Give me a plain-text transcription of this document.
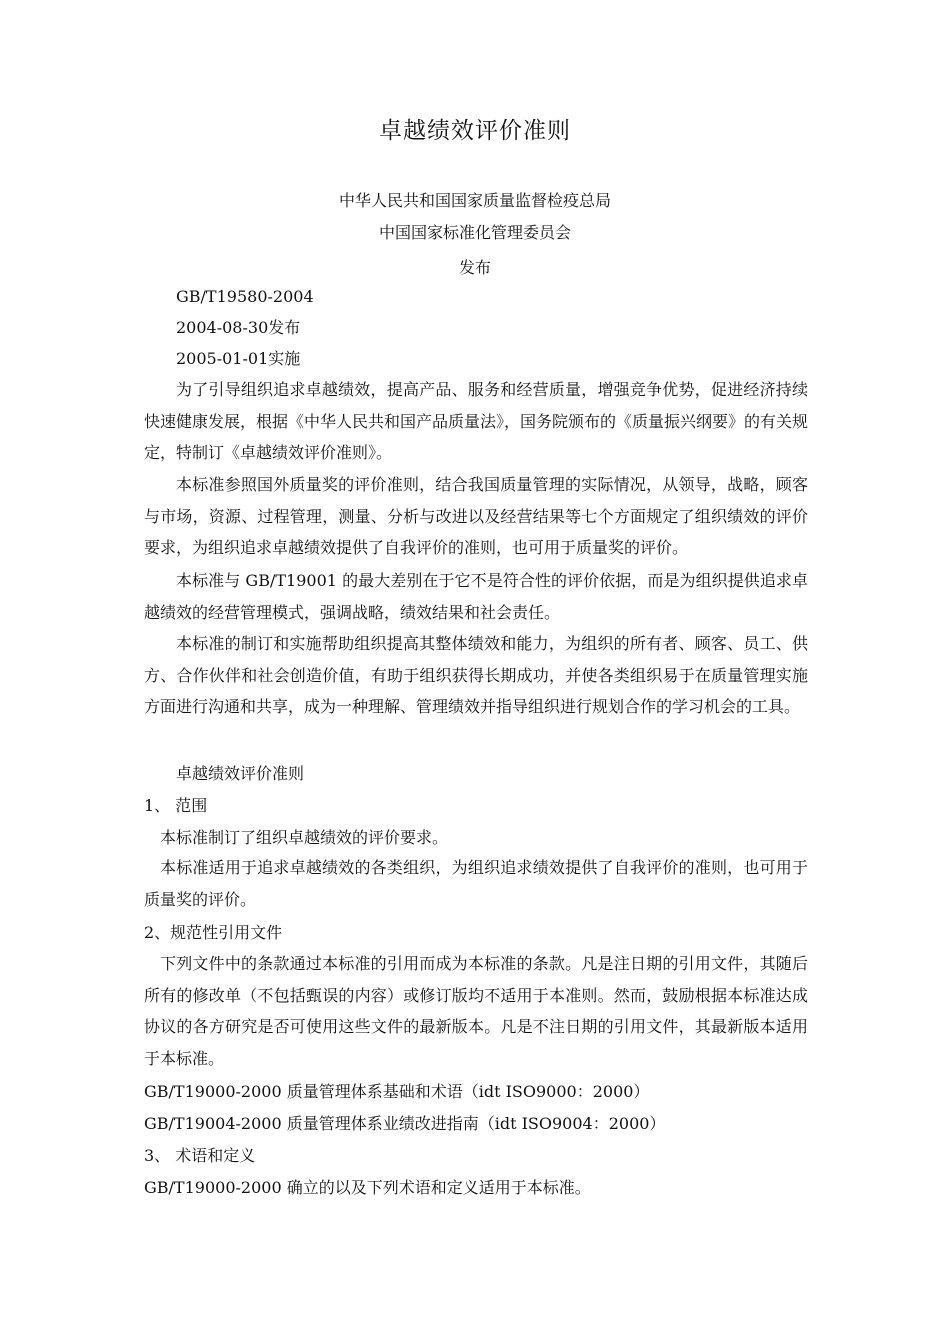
卓越绩效评价准则
中华人民共和国国家质量监督检疫总局
中国国家标准化管理委员会
发布
GB/T19580-2004
2004-08-30发布
2005-01-01实施

为了引导组织追求卓越绩效，提高产品、服务和经营质量，增强竞争优势，促进经济持续快速健康发展，根据《中华人民共和国产品质量法》，国务院颁布的《质量振兴纲要》的有关规定，特制订《卓越绩效评价准则》。

本标准参照国外质量奖的评价准则，结合我国质量管理的实际情况，从领导，战略，顾客与市场，资源、过程管理，测量、分析与改进以及经营结果等七个方面规定了组织绩效的评价要求，为组织追求卓越绩效提供了自我评价的准则，也可用于质量奖的评价。

本标准与 GB/T19001 的最大差别在于它不是符合性的评价依据，而是为组织提供追求卓越绩效的经营管理模式，强调战略，绩效结果和社会责任。

本标准的制订和实施帮助组织提高其整体绩效和能力，为组织的所有者、顾客、员工、供方、合作伙伴和社会创造价值，有助于组织获得长期成功，并使各类组织易于在质量管理实施方面进行沟通和共享，成为一种理解、管理绩效并指导组织进行规划合作的学习机会的工具。

卓越绩效评价准则
1、 范围
本标准制订了组织卓越绩效的评价要求。

本标准适用于追求卓越绩效的各类组织，为组织追求绩效提供了自我评价的准则，也可用于质量奖的评价。

2、规范性引用文件

下列文件中的条款通过本标准的引用而成为本标准的条款。凡是注日期的引用文件，其随后所有的修改单（不包括甄误的内容）或修订版均不适用于本准则。然而，鼓励根据本标准达成协议的各方研究是否可使用这些文件的最新版本。凡是不注日期的引用文件，其最新版本适用于本标准。

GB/T19000-2000 质量管理体系基础和术语（idt ISO9000：2000）
GB/T19004-2000 质量管理体系业绩改进指南（idt ISO9004：2000）
3、 术语和定义
GB/T19000-2000 确立的以及下列术语和定义适用于本标准。
